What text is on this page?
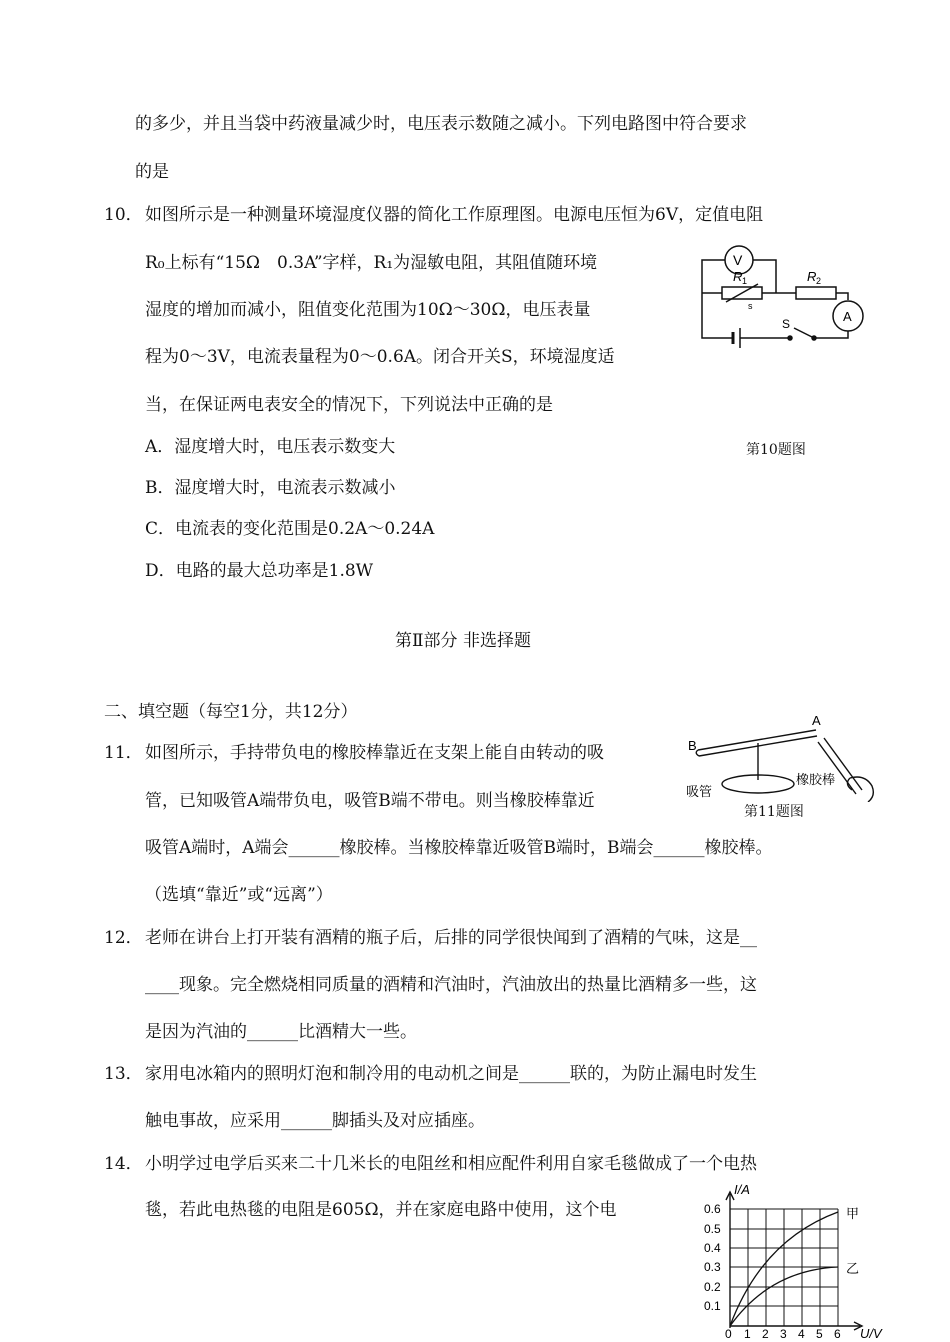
的多少，并且当袋中药液量减少时，电压表示数随之减小。下列电路图中符合要求
的是
10． 如图所示是一种测量环境湿度仪器的简化工作原理图。电源电压恒为6V，定值电阻
R₀上标有“15Ω　0.3A”字样，R₁为湿敏电阻，其阻值随环境
湿度的增加而减小，阻值变化范围为10Ω～30Ω，电压表量
程为0～3V，电流表量程为0～0.6A。闭合开关S，环境湿度适
当，在保证两电表安全的情况下，下列说法中正确的是
A．湿度增大时，电压表示数变大
B．湿度增大时，电流表示数减小
C．电流表的变化范围是0.2A～0.24A
D．电路的最大总功率是1.8W
V
A
R 1	R 2
S
s
第10题图
第Ⅱ部分 非选择题
二、填空题（每空1分，共12分）
11． 如图所示，手持带负电的橡胶棒靠近在支架上能自由转动的吸
管，已知吸管A端带负电，吸管B端不带电。则当橡胶棒靠近
吸管A端时，A端会______橡胶棒。当橡胶棒靠近吸管B端时，B端会______橡胶棒。
（选填“靠近”或“远离”）
A
B
吸管
橡胶棒
第11题图
12． 老师在讲台上打开装有酒精的瓶子后，后排的同学很快闻到了酒精的气味，这是__
____现象。完全燃烧相同质量的酒精和汽油时，汽油放出的热量比酒精多一些，这
是因为汽油的______比酒精大一些。
13． 家用电冰箱内的照明灯泡和制冷用的电动机之间是______联的，为防止漏电时发生
触电事故，应采用______脚插头及对应插座。
14． 小明学过电学后买来二十几米长的电阻丝和相应配件利用自家毛毯做成了一个电热
毯，若此电热毯的电阻是605Ω，并在家庭电路中使用，这个电
I/A
U/V
0.6
0.5
0.4
0.3
0.2
0.1
0 1 2 3 4 5 6
甲
乙
